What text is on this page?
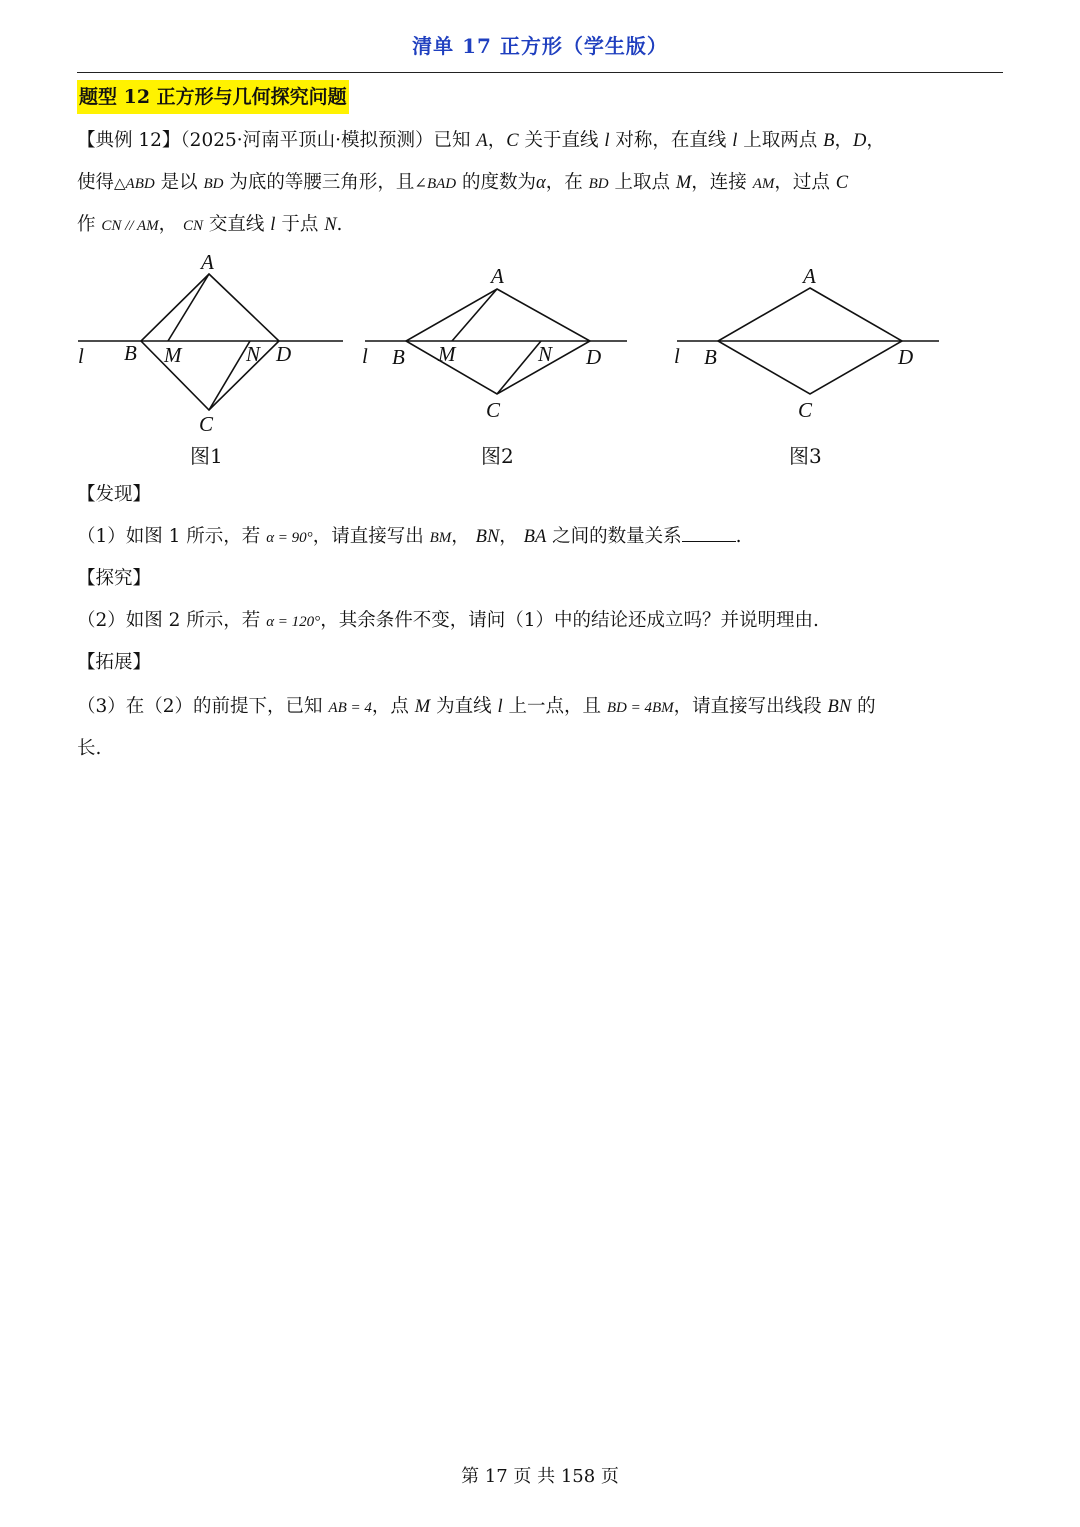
清单 17 正方形（学生版）
题型 12 正方形与几何探究问题
【典例 12】（2025·河南平顶山·模拟预测）已知 A，C 关于直线 l 对称，在直线 l 上取两点 B，D，
使得△ABD 是以 BD 为底的等腰三角形，且∠BAD 的度数为α，在 BD 上取点 M，连接 AM，过点 C
作 CN // AM， CN 交直线 l 于点 N.
A
l B M	N D
C
A
l B M	N D
C
A
l B	D
C
图1	图2	图3
【发现】
（1）如图 1 所示，若 α = 90°，请直接写出 BM， BN， BA 之间的数量关系	.
【探究】
（2）如图 2 所示，若 α = 120°，其余条件不变，请问（1）中的结论还成立吗？并说明理由.
【拓展】
（3）在（2）的前提下，已知 AB = 4，点 M 为直线 l 上一点，且 BD = 4BM，请直接写出线段 BN 的
长.
第 17 页 共 158 页
